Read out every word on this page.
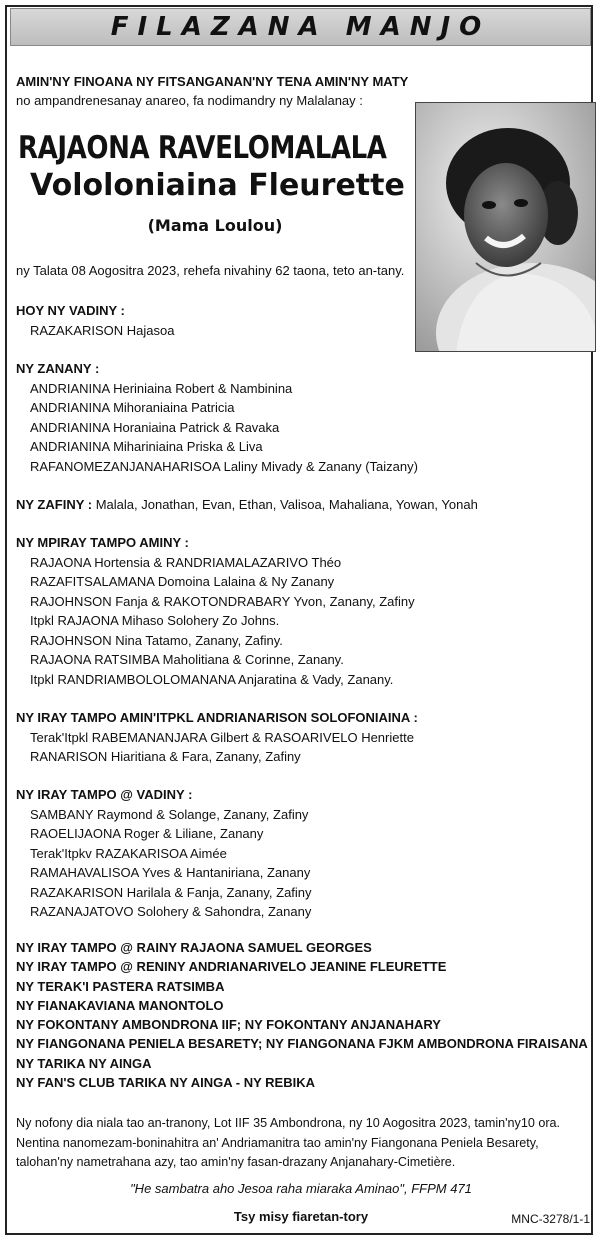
FILAZANA MANJO
AMIN'NY FINOANA NY FITSANGANAN'NY TENA AMIN'NY MATY
no ampandrenesanay anareo, fa nodimandry ny Malalanay :
RAJAONA RAVELOMALALA
Vololoniaina Fleurette
(Mama Loulou)
ny Talata 08 Aogositra 2023, rehefa nivahiny 62 taona, teto an-tany.
HOY NY VADINY :
RAZAKARISON Hajasoa
NY ZANANY :
ANDRIANINA Heriniaina Robert & Nambinina
ANDRIANINA Mihoraniaina Patricia
ANDRIANINA Horaniaina Patrick & Ravaka
ANDRIANINA Mihariniaina Priska & Liva
RAFANOMEZANJANAHARISOA Laliny Mivady & Zanany (Taizany)
NY ZAFINY : Malala, Jonathan, Evan, Ethan, Valisoa, Mahaliana, Yowan, Yonah
NY MPIRAY TAMPO AMINY :
RAJAONA Hortensia & RANDRIAMALAZARIVO Théo
RAZAFITSALAMANA Domoina Lalaina & Ny Zanany
RAJOHNSON Fanja & RAKOTONDRABARY Yvon, Zanany, Zafiny
Itpkl RAJAONA Mihaso Solohery Zo Johns.
RAJOHNSON Nina Tatamo, Zanany, Zafiny.
RAJAONA RATSIMBA Maholitiana & Corinne, Zanany.
Itpkl RANDRIAMBOLOLOMANANA Anjaratina & Vady, Zanany.
NY IRAY TAMPO AMIN'ITPKL ANDRIANARISON SOLOFONIAINA :
Terak'Itpkl RABEMANANJARA Gilbert & RASOARIVELO Henriette
RANARISON Hiaritiana & Fara, Zanany, Zafiny
NY IRAY TAMPO @ VADINY :
SAMBANY Raymond & Solange, Zanany, Zafiny
RAOELIJAONA Roger & Liliane, Zanany
Terak'Itpkv RAZAKARISOA Aimée
RAMAHAVALISOA Yves & Hantaniriana, Zanany
RAZAKARISON Harilala & Fanja, Zanany, Zafiny
RAZANAJATOVO Solohery & Sahondra, Zanany
NY IRAY TAMPO @ RAINY RAJAONA SAMUEL GEORGES
NY IRAY TAMPO @ RENINY ANDRIANARIVELO JEANINE FLEURETTE
NY TERAK'I PASTERA RATSIMBA
NY FIANAKAVIANA MANONTOLO
NY FOKONTANY AMBONDRONA IIF; NY FOKONTANY ANJANAHARY
NY FIANGONANA PENIELA BESARETY; NY FIANGONANA FJKM AMBONDRONA FIRAISANA
NY TARIKA NY AINGA
NY FAN'S CLUB TARIKA NY AINGA - NY REBIKA
Ny nofony dia niala tao an-tranony, Lot IIF 35 Ambondrona, ny 10 Aogositra 2023, tamin'ny10 ora.
Nentina nanomezam-boninahitra an' Andriamanitra tao amin'ny Fiangonana Peniela Besarety,
talohan'ny nametrahana azy, tao amin'ny fasan-drazany Anjanahary-Cimetière.
"He sambatra aho Jesoa raha miaraka Aminao", FFPM 471
Tsy misy fiaretan-tory	MNC-3278/1-1
